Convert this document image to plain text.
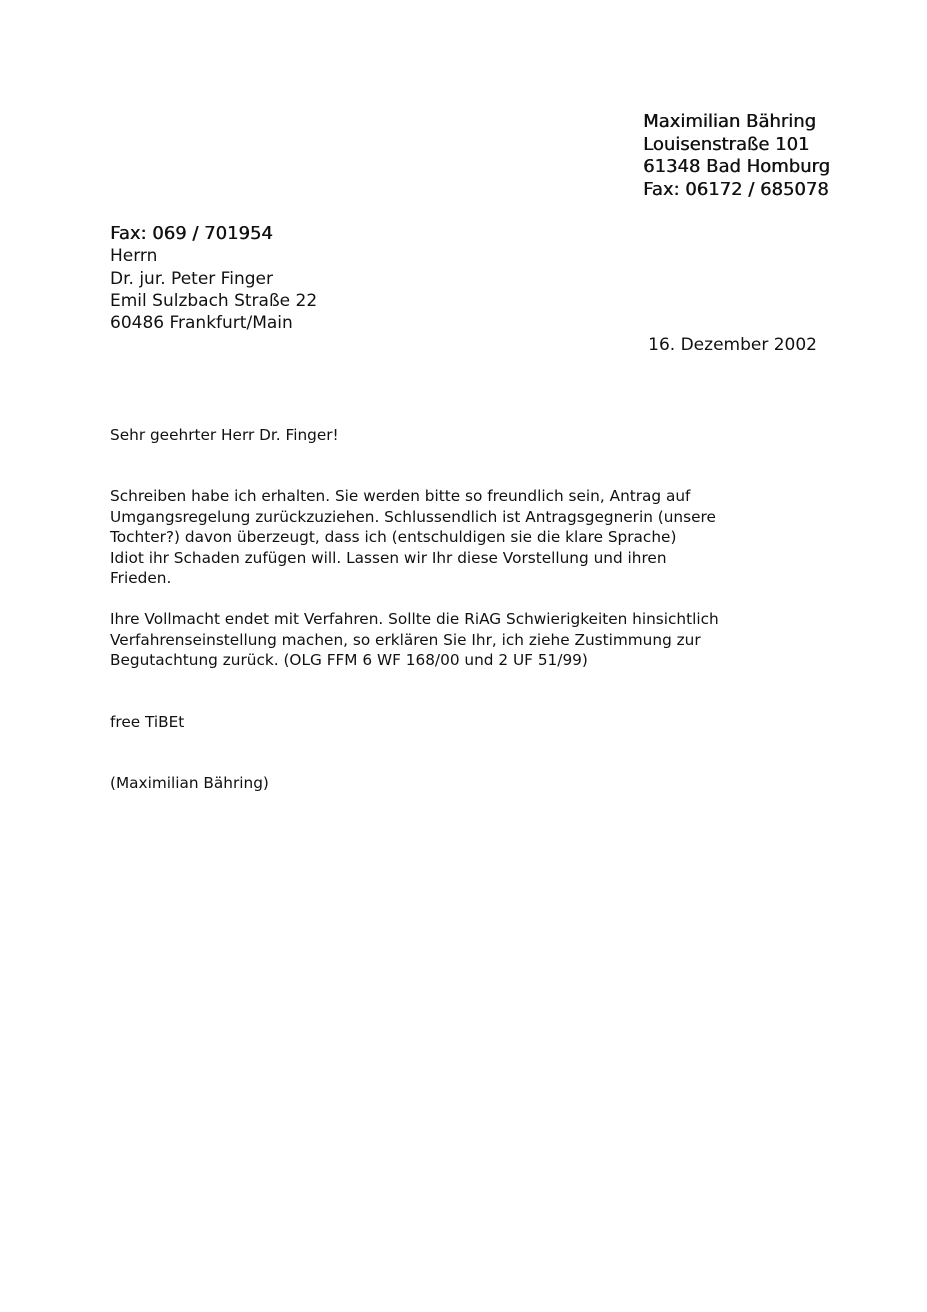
Maximilian Bähring
Louisenstraße 101
61348 Bad Homburg
Fax: 06172 / 685078
Fax: 069 / 701954
Herrn
Dr. jur. Peter Finger
Emil Sulzbach Straße 22
60486 Frankfurt/Main
16. Dezember 2002
Sehr geehrter Herr Dr. Finger!
Schreiben habe ich erhalten. Sie werden bitte so freundlich sein, Antrag auf
Umgangsregelung zurückzuziehen. Schlussendlich ist Antragsgegnerin (unsere
Tochter?) davon überzeugt, dass ich (entschuldigen sie die klare Sprache)
Idiot ihr Schaden zufügen will. Lassen wir Ihr diese Vorstellung und ihren
Frieden.
Ihre Vollmacht endet mit Verfahren. Sollte die RiAG Schwierigkeiten hinsichtlich
Verfahrenseinstellung machen, so erklären Sie Ihr, ich ziehe Zustimmung zur
Begutachtung zurück. (OLG FFM 6 WF 168/00 und 2 UF 51/99)
free TiBEt
(Maximilian Bähring)
